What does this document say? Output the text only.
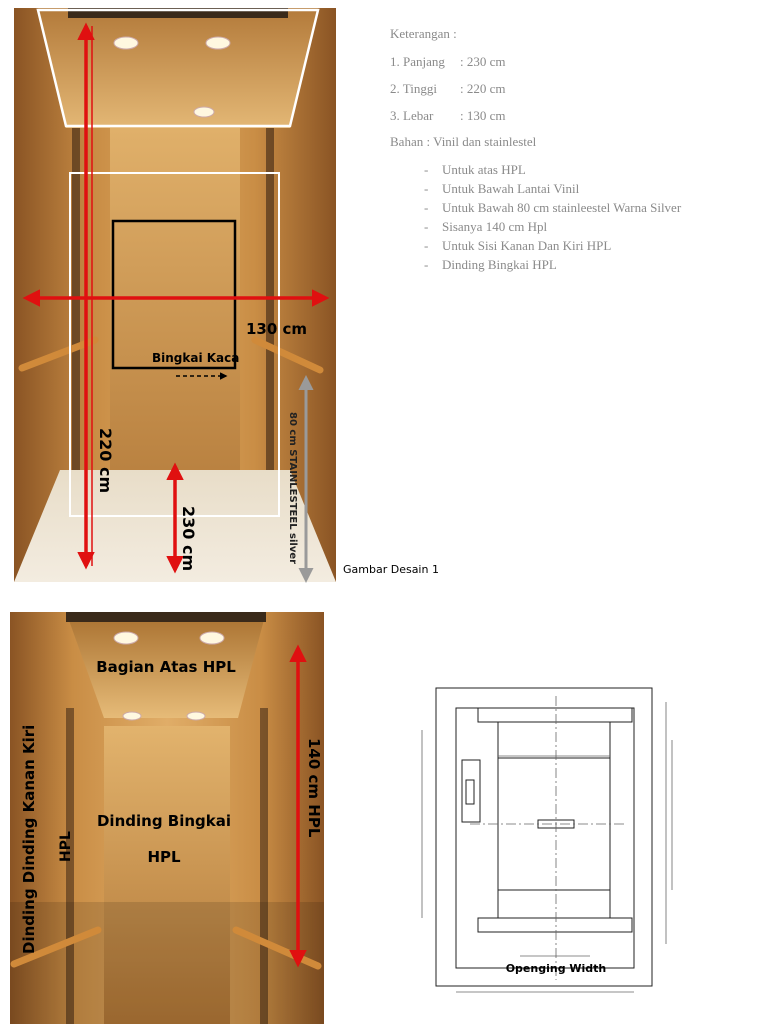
Keterangan :
1. Panjang : 230 cm
2. Tinggi : 220 cm
3. Lebar : 130 cm
Bahan : Vinil dan stainlestel
- Untuk atas HPL
- Untuk Bawah Lantai Vinil
- Untuk Bawah 80 cm stainleestel Warna Silver
- Sisanya 140 cm Hpl
- Untuk Sisi Kanan Dan Kiri HPL
- Dinding Bingkai HPL
130 cm
Bingkai Kaca
220 cm
230 cm	80 cm STAINLESTEEL silver
Gambar Desain 1
Bagian Atas HPL
Dinding Bingkai
HPL
Dinding Dinding Kanan Kiri HPL
140 cm HPL
Openging Width
